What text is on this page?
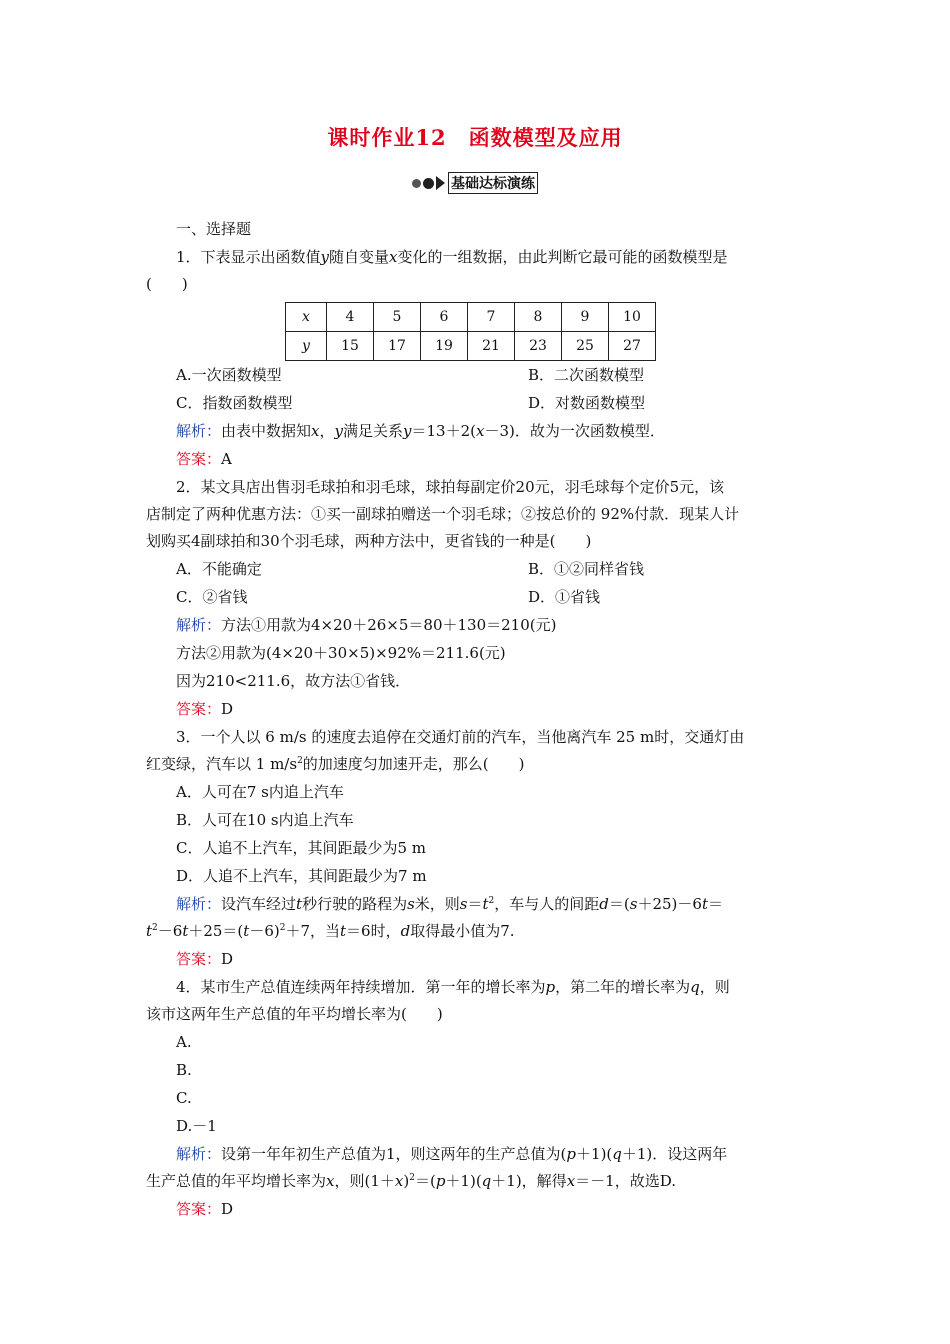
课时作业12　函数模型及应用
基础达标演练
一、选择题
1．下表显示出函数值y随自变量x变化的一组数据，由此判断它最可能的函数模型是
(　　)
x	4	5	6	7	8	9	10
y	15	17	19	21	23	25	27
A.一次函数模型	B．二次函数模型
C．指数函数模型	D．对数函数模型
解析：由表中数据知x，y满足关系y＝13＋2(x－3)．故为一次函数模型．
答案：A
2．某文具店出售羽毛球拍和羽毛球，球拍每副定价20元，羽毛球每个定价5元，该
店制定了两种优惠方法：①买一副球拍赠送一个羽毛球；②按总价的 92%付款．现某人计
划购买4副球拍和30个羽毛球，两种方法中，更省钱的一种是(　　)
A．不能确定	B．①②同样省钱
C．②省钱	D．①省钱
解析：方法①用款为4×20＋26×5＝80＋130＝210(元)
方法②用款为(4×20＋30×5)×92%＝211.6(元)
因为210<211.6，故方法①省钱．
答案：D
3．一个人以 6 m/s 的速度去追停在交通灯前的汽车，当他离汽车 25 m时，交通灯由
红变绿，汽车以 1 $m/s^2$的加速度匀加速开走，那么(　　)
A．人可在7 s内追上汽车
B．人可在10 s内追上汽车
C．人追不上汽车，其间距最少为5 m
D．人追不上汽车，其间距最少为7 m
解析：设汽车经过t秒行驶的路程为s米，则$s=t^2$，车与人的间距d＝(s＋25)－6t＝
$t^2-6t+25=(t-6)^2+7$，当t＝6时，d取得最小值为7.
答案：D
4．某市生产总值连续两年持续增加．第一年的增长率为p，第二年的增长率为q，则
该市这两年生产总值的年平均增长率为(　　)
A.
B.
C.
D.－1
解析：设第一年年初生产总值为1，则这两年的生产总值为(p＋1)(q＋1)．设这两年
生产总值的年平均增长率为x，则$(1+x)^2=(p+1)(q+1)$，解得x＝－1，故选D.
答案：D
